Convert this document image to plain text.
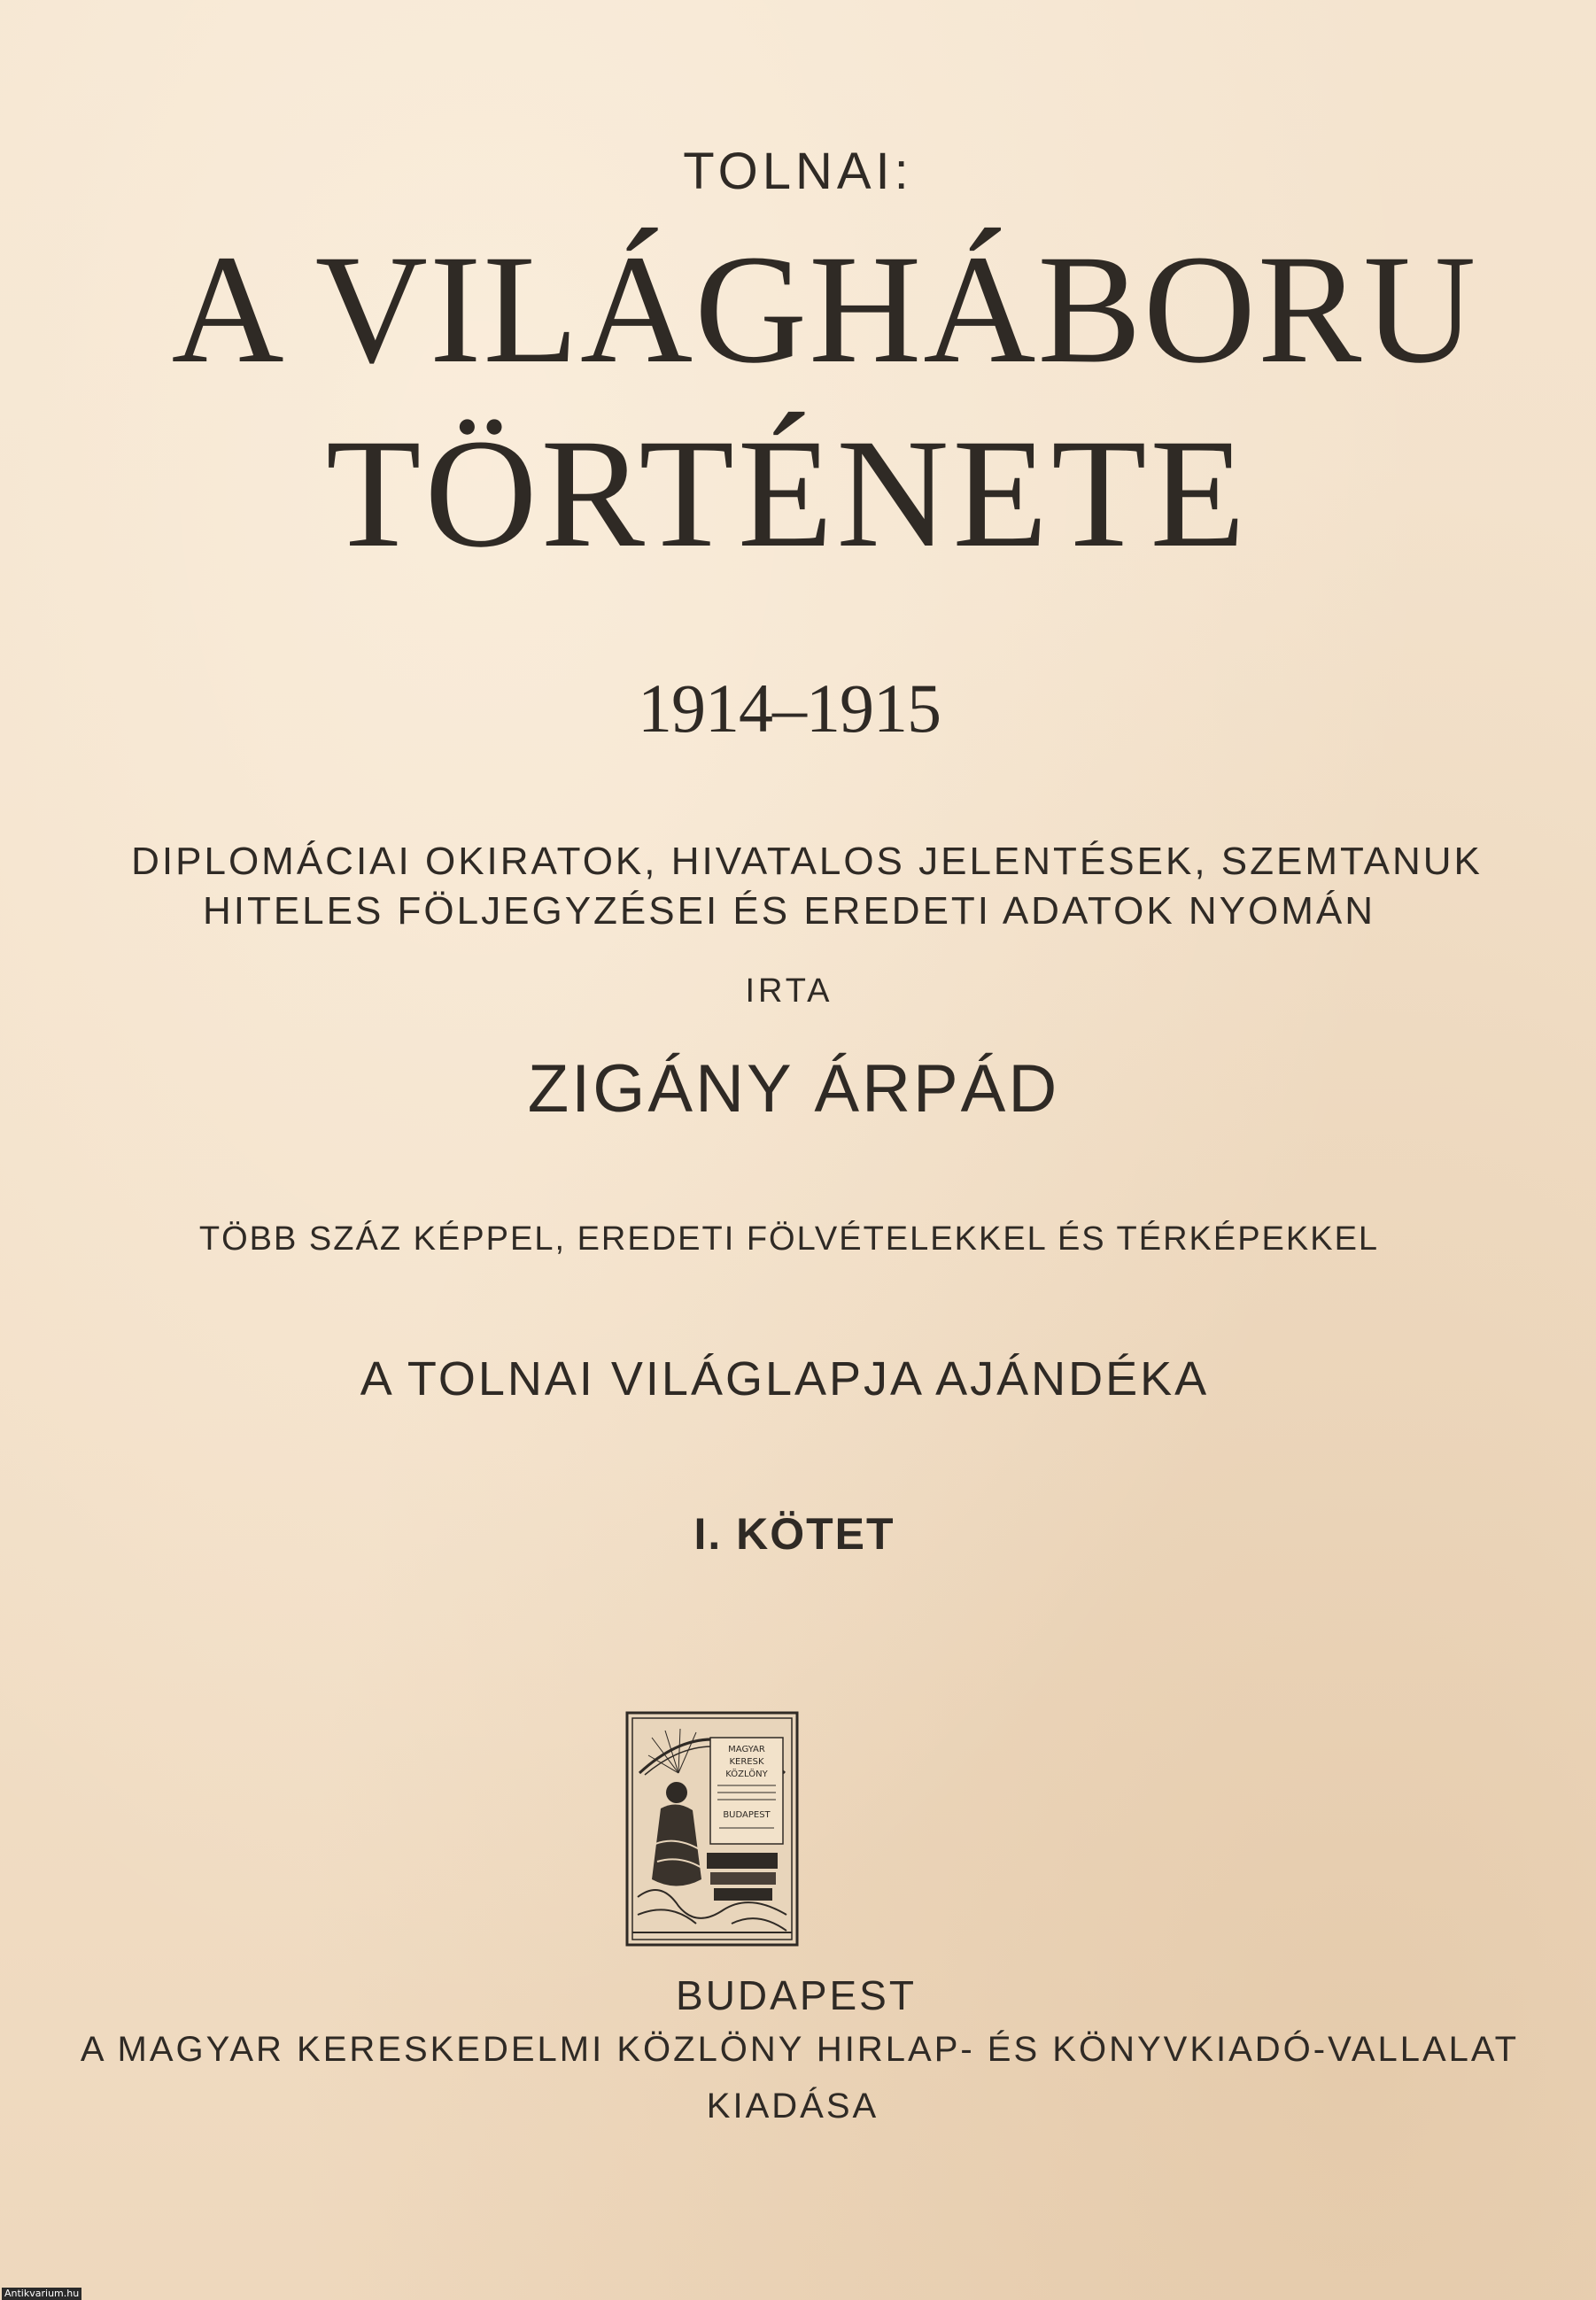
TOLNAI:
A VILÁGHÁBORU
TÖRTÉNETE
1914–1915
DIPLOMÁCIAI OKIRATOK, HIVATALOS JELENTÉSEK, SZEMTANUK
HITELES FÖLJEGYZÉSEI ÉS EREDETI ADATOK NYOMÁN
IRTA
ZIGÁNY ÁRPÁD
TÖBB SZÁZ KÉPPEL, EREDETI FÖLVÉTELEKKEL ÉS TÉRKÉPEKKEL
A TOLNAI VILÁGLAPJA AJÁNDÉKA
I. KÖTET
MAGYAR
KERESK
KÖZLÖNY
BUDAPEST
BUDAPEST
A MAGYAR KERESKEDELMI KÖZLÖNY HIRLAP- ÉS KÖNYVKIADÓ-VALLALAT
KIADÁSA
Antikvarium.hu
